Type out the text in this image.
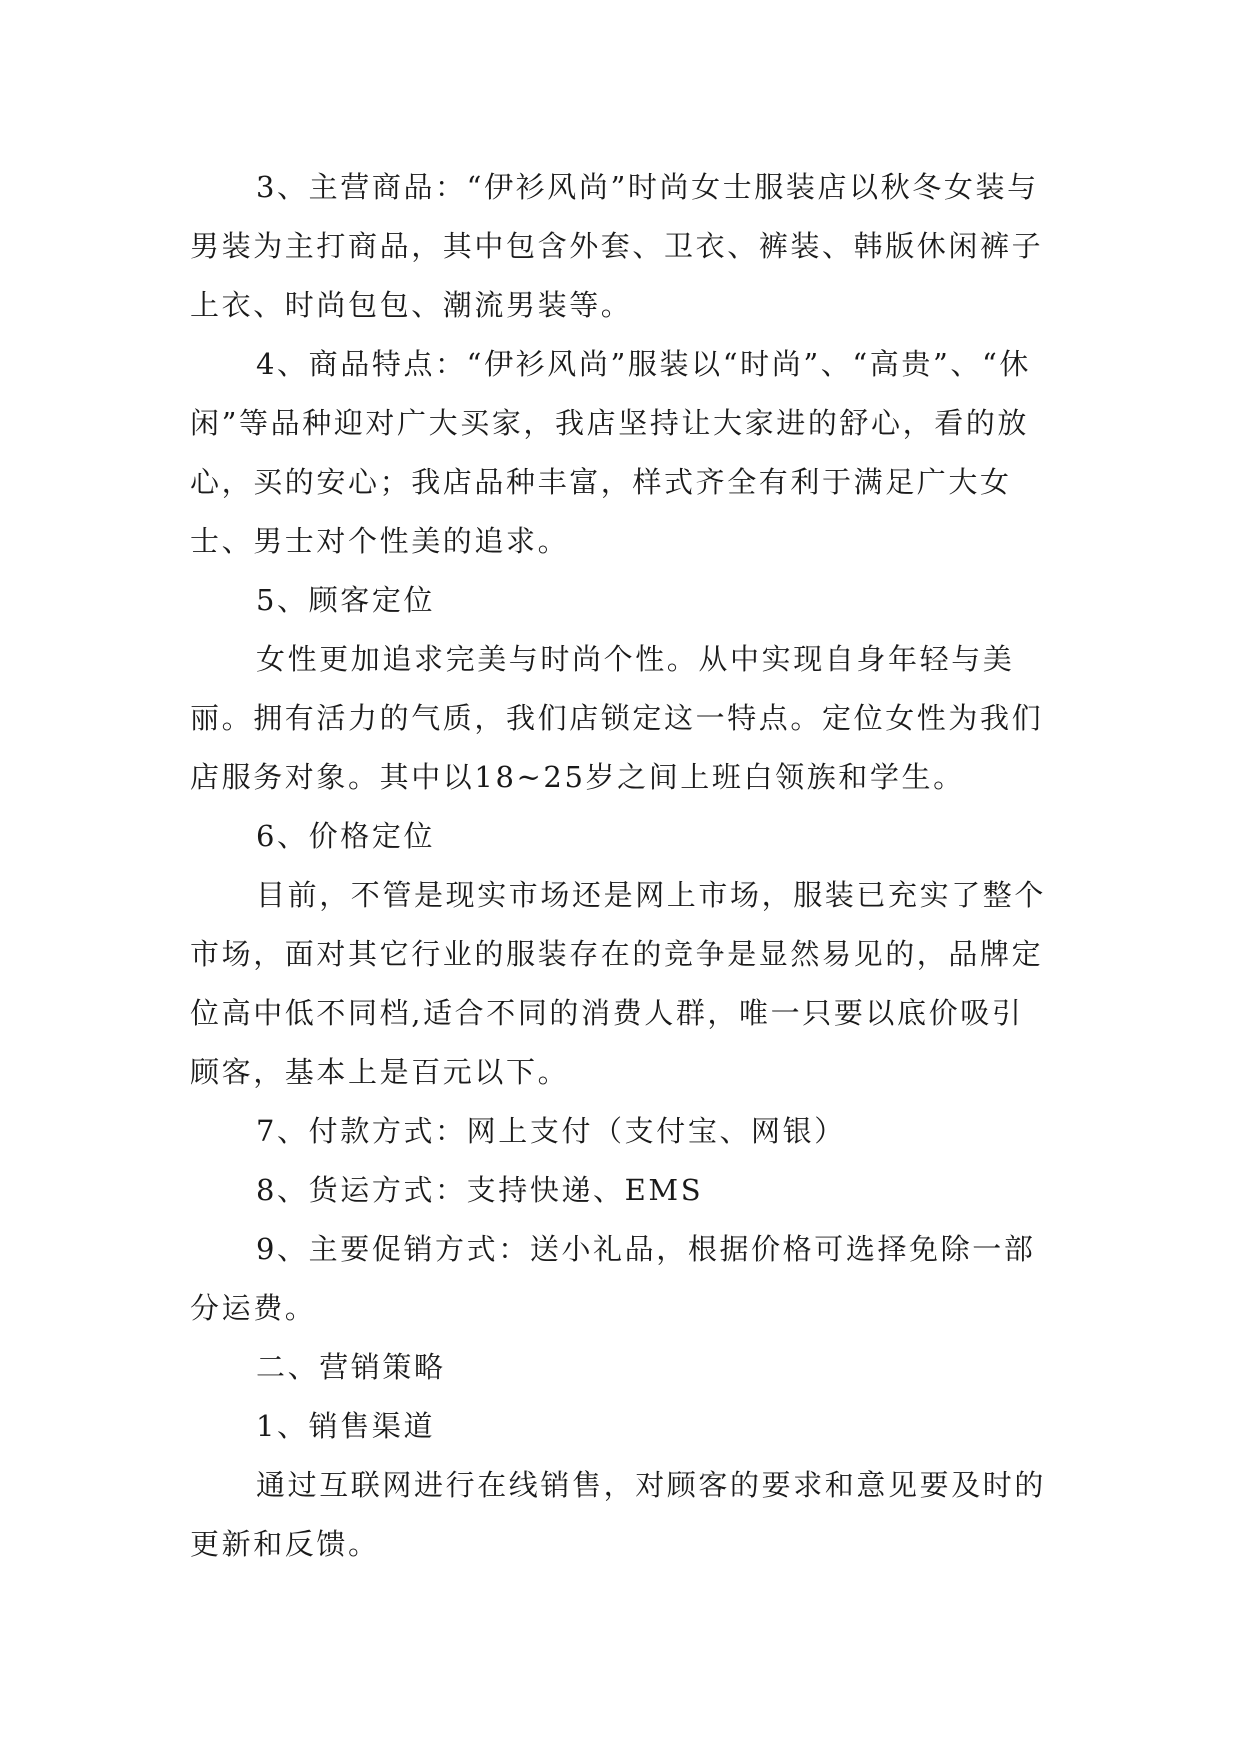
3、主营商品：“伊衫风尚”时尚女士服装店以秋冬女装与男装为主打商品，其中包含外套、卫衣、裤装、韩版休闲裤子上衣、时尚包包、潮流男装等。

4、商品特点：“伊衫风尚”服装以“时尚”、“高贵”、“休闲”等品种迎对广大买家，我店坚持让大家进的舒心，看的放心，买的安心；我店品种丰富，样式齐全有利于满足广大女士、男士对个性美的追求。

5、顾客定位

女性更加追求完美与时尚个性。从中实现自身年轻与美丽。拥有活力的气质，我们店锁定这一特点。定位女性为我们店服务对象。其中以18~25岁之间上班白领族和学生。

6、价格定位

目前，不管是现实市场还是网上市场，服装已充实了整个市场，面对其它行业的服装存在的竞争是显然易见的，品牌定位高中低不同档,适合不同的消费人群，唯一只要以底价吸引顾客，基本上是百元以下。

7、付款方式：网上支付（支付宝、网银）

8、货运方式：支持快递、EMS

9、主要促销方式：送小礼品，根据价格可选择免除一部分运费。

二、营销策略

1、销售渠道

通过互联网进行在线销售，对顾客的要求和意见要及时的更新和反馈。
